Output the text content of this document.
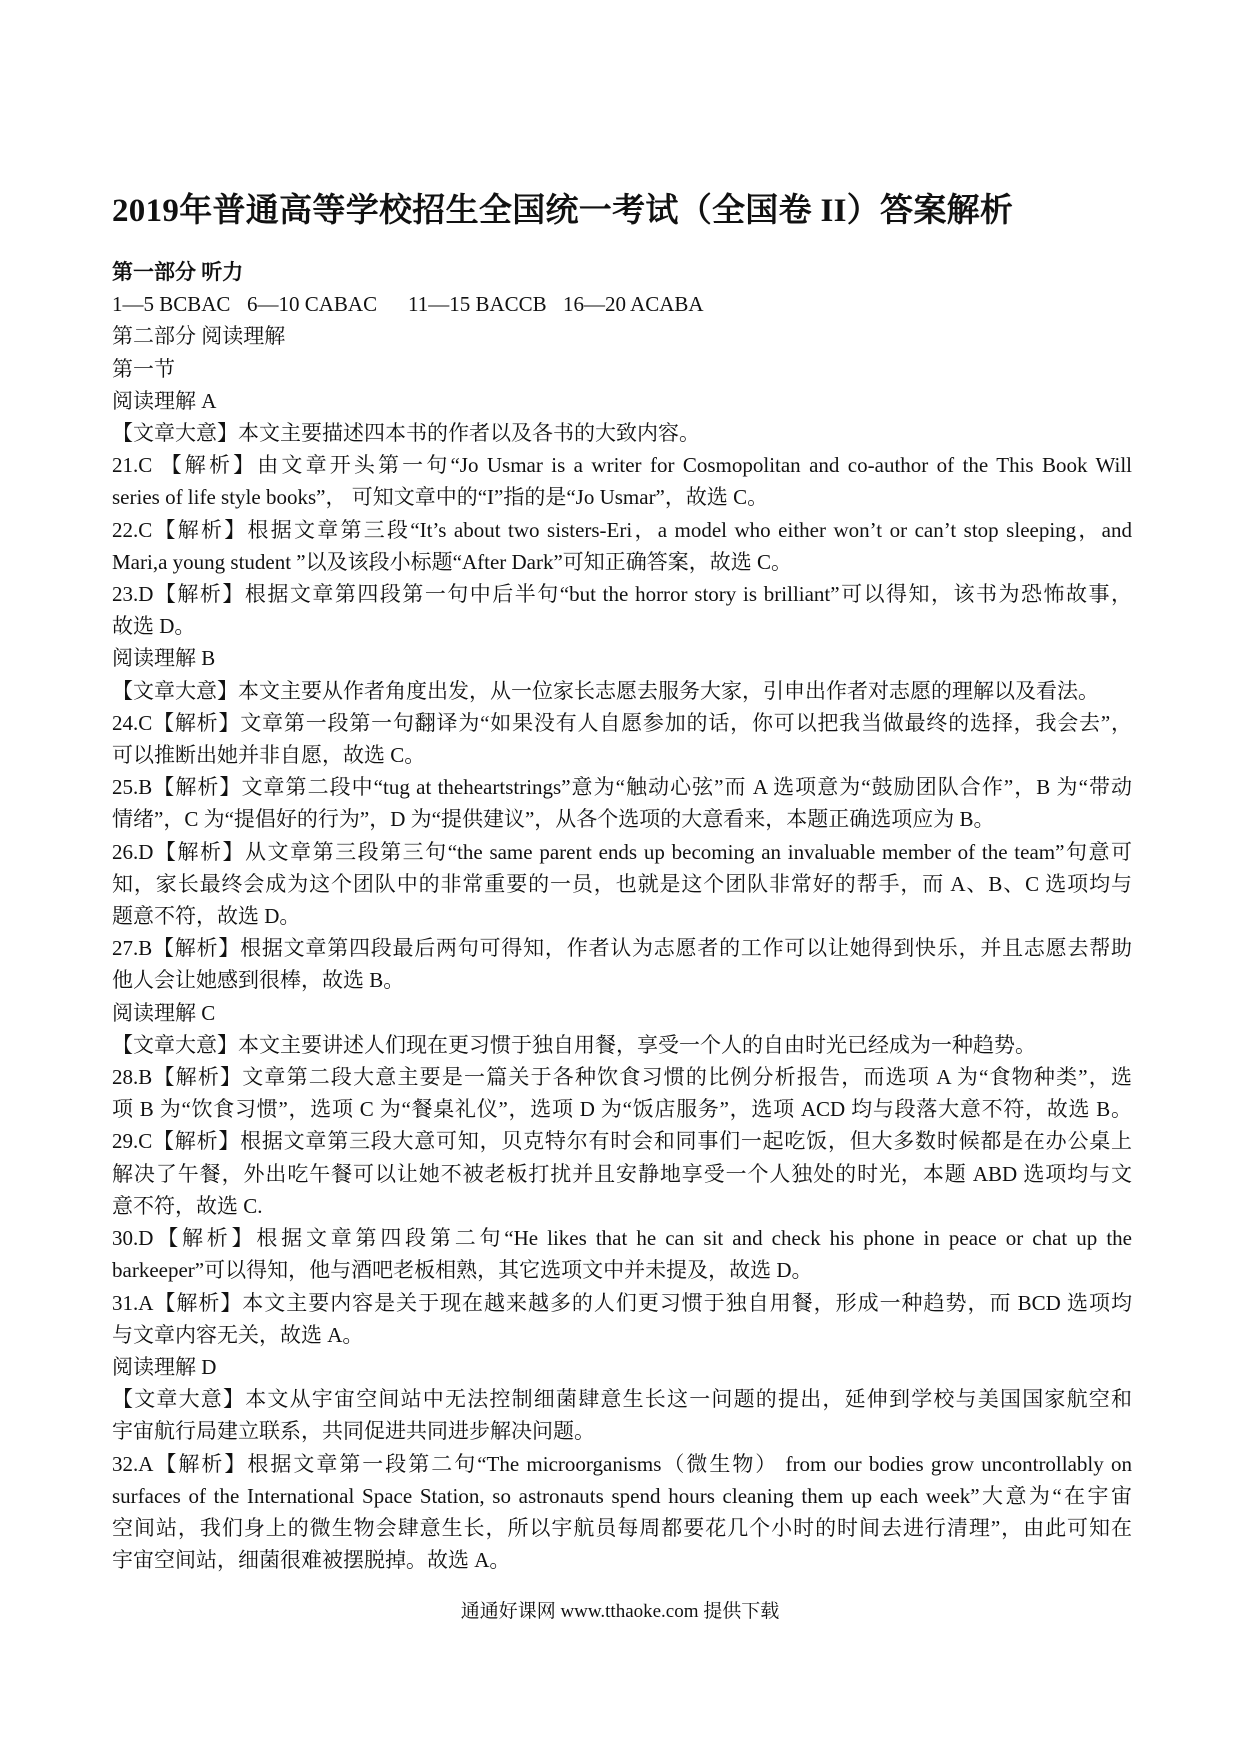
2019年普通高等学校招生全国统一考试（全国卷 II）答案解析

第一部分 听力

1—5 BCBAC 6—10 CABAC	11—15 BACCB 16—20 ACABA

第二部分 阅读理解

第一节

阅读理解 A

【文章大意】本文主要描述四本书的作者以及各书的大致内容。

21.C 【解析】由文章开头第一句“Jo Usmar is a writer for Cosmopolitan and co-author of the This Book Will

series of life style books”， 可知文章中的“I”指的是“Jo Usmar”，故选 C。

22.C【解析】根据文章第三段“It’s about two sisters-Eri，a model who either won’t or can’t stop sleeping，and

Mari,a young student ”以及该段小标题“After Dark”可知正确答案，故选 C。

23.D【解析】根据文章第四段第一句中后半句“but the horror story is brilliant”可以得知，该书为恐怖故事，

故选 D。

阅读理解 B

【文章大意】本文主要从作者角度出发，从一位家长志愿去服务大家，引申出作者对志愿的理解以及看法。

24.C【解析】文章第一段第一句翻译为“如果没有人自愿参加的话，你可以把我当做最终的选择，我会去”，

可以推断出她并非自愿，故选 C。

25.B【解析】文章第二段中“tug at theheartstrings”意为“触动心弦”而 A 选项意为“鼓励团队合作”，B 为“带动

情绪”，C 为“提倡好的行为”，D 为“提供建议”，从各个选项的大意看来，本题正确选项应为 B。

26.D【解析】从文章第三段第三句“the same parent ends up becoming an invaluable member of the team”句意可

知，家长最终会成为这个团队中的非常重要的一员，也就是这个团队非常好的帮手，而 A、B、C 选项均与

题意不符，故选 D。

27.B【解析】根据文章第四段最后两句可得知，作者认为志愿者的工作可以让她得到快乐，并且志愿去帮助

他人会让她感到很棒，故选 B。

阅读理解 C

【文章大意】本文主要讲述人们现在更习惯于独自用餐，享受一个人的自由时光已经成为一种趋势。

28.B【解析】文章第二段大意主要是一篇关于各种饮食习惯的比例分析报告，而选项 A 为“食物种类”，选

项 B 为“饮食习惯”，选项 C 为“餐桌礼仪”，选项 D 为“饭店服务”，选项 ACD 均与段落大意不符，故选 B。

29.C【解析】根据文章第三段大意可知，贝克特尔有时会和同事们一起吃饭，但大多数时候都是在办公桌上

解决了午餐，外出吃午餐可以让她不被老板打扰并且安静地享受一个人独处的时光，本题 ABD 选项均与文

意不符，故选 C.

30.D【解析】根据文章第四段第二句“He likes that he can sit and check his phone in peace or chat up the

barkeeper”可以得知，他与酒吧老板相熟，其它选项文中并未提及，故选 D。

31.A【解析】本文主要内容是关于现在越来越多的人们更习惯于独自用餐，形成一种趋势，而 BCD 选项均

与文章内容无关，故选 A。

阅读理解 D

【文章大意】本文从宇宙空间站中无法控制细菌肆意生长这一问题的提出，延伸到学校与美国国家航空和

宇宙航行局建立联系，共同促进共同进步解决问题。

32.A【解析】根据文章第一段第二句“The microorganisms（微生物） from our bodies grow uncontrollably on

surfaces of the International Space Station, so astronauts spend hours cleaning them up each week”大意为“在宇宙

空间站，我们身上的微生物会肆意生长，所以宇航员每周都要花几个小时的时间去进行清理”，由此可知在

宇宙空间站，细菌很难被摆脱掉。故选 A。

通通好课网 www.tthaoke.com 提供下载
